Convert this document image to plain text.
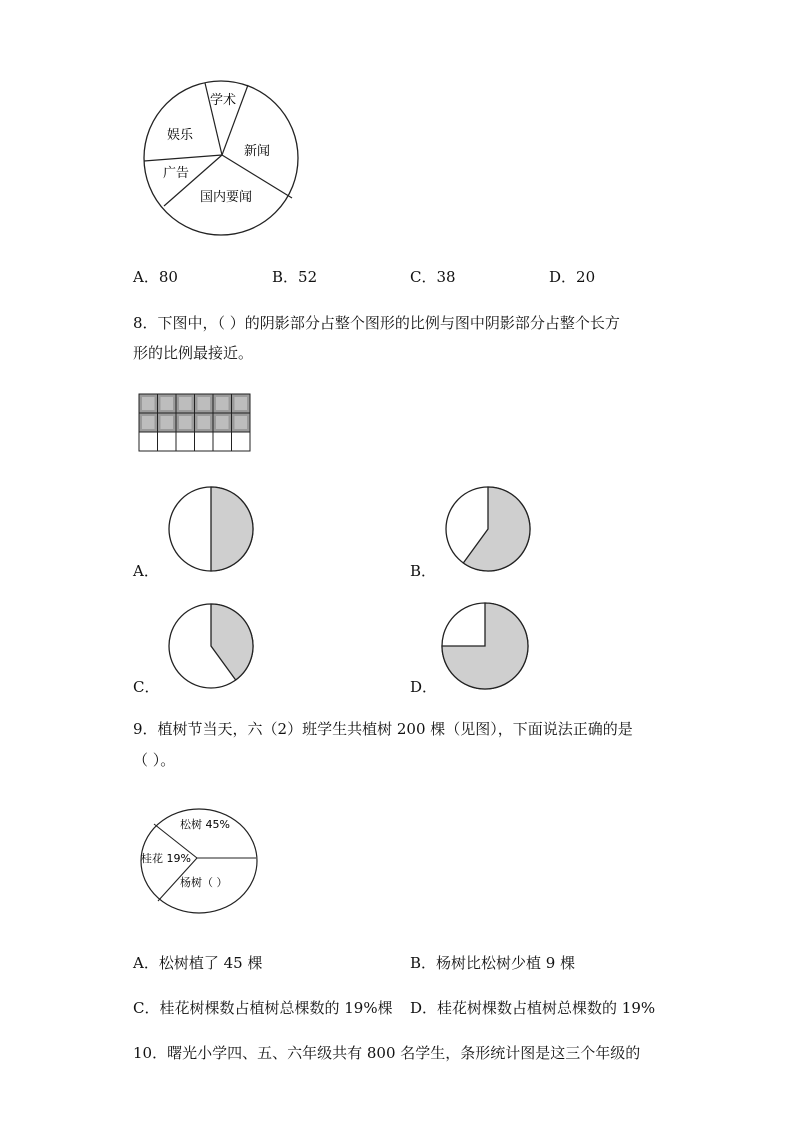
学术
新闻
国内要闻
广告
娱乐
A．80	B．52	C．38	D．20
8．下图中，（ ）的阴影部分占整个图形的比例与图中阴影部分占整个长方
形的比例最接近。
A．	B．
C．	D．
9．植树节当天，六（2）班学生共植树 200 棵（见图），下面说法正确的是
（ ）。
松树 45%
桂花 19%
杨树（ ）
A．松树植了 45 棵	B．杨树比松树少植 9 棵
C．桂花树棵数占植树总棵数的 19%棵 D．桂花树棵数占植树总棵数的 19%
10．曙光小学四、五、六年级共有 800 名学生，条形统计图是这三个年级的
